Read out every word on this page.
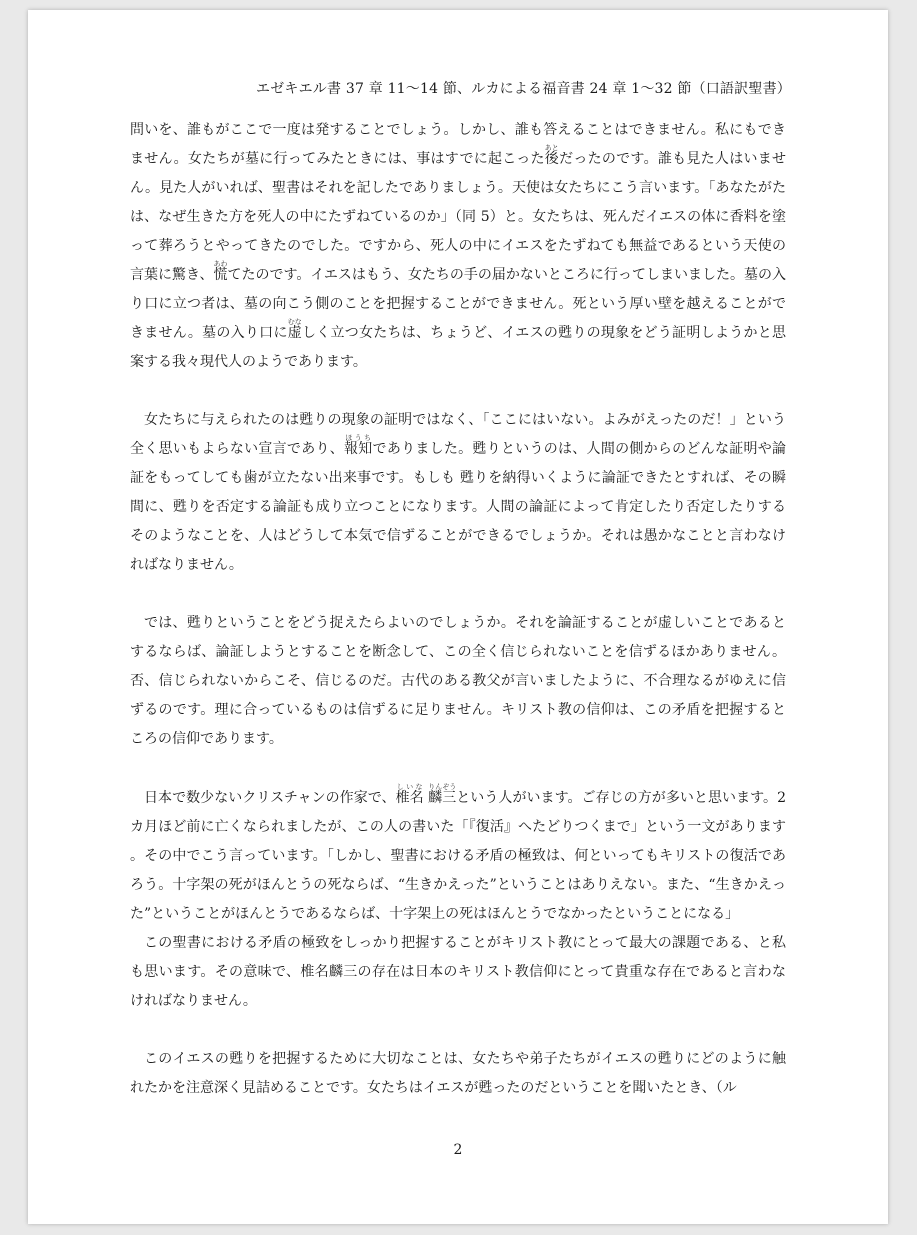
エゼキエル書 37 章 11〜14 節、ルカによる福音書 24 章 1〜32 節（口語訳聖書）

問いを、誰もがここで一度は発することでしょう。しかし、誰も答えることはできません。私にもできません。女たちが墓に行ってみたときには、事はすでに起こった後あとだったのです。誰も見た人はいません。見た人がいれば、聖書はそれを記したでありましょう。天使は女たちにこう言います。「あなたがたは、なぜ生きた方を死人の中にたずねているのか」（同 5）と。女たちは、死んだイエスの体に香料を塗って葬ろうとやってきたのでした。ですから、死人の中にイエスをたずねても無益であるという天使の言葉に驚き、慌あわてたのです。イエスはもう、女たちの手の届かないところに行ってしまいました。墓の入り口に立つ者は、墓の向こう側のことを把握することができません。死という厚い壁を越えることができません。墓の入り口に虚むなしく立つ女たちは、ちょうど、イエスの甦りの現象をどう証明しようかと思案する我々現代人のようであります。

女たちに与えられたのは甦りの現象の証明ではなく、「ここにはいない。よみがえったのだ！」という全く思いもよらない宣言であり、報知ほうちでありました。甦りというのは、人間の側からのどんな証明や論証をもってしても歯が立たない出来事です。もしも 甦りを納得いくように論証できたとすれば、その瞬間に、甦りを否定する論証も成り立つことになります。人間の論証によって肯定したり否定したりするそのようなことを、人はどうして本気で信ずることができるでしょうか。それは愚かなことと言わなければなりません。

では、甦りということをどう捉えたらよいのでしょうか。それを論証することが虚しいことであるとするならば、論証しようとすることを断念して、この全く信じられないことを信ずるほかありません。否、信じられないからこそ、信じるのだ。古代のある教父が言いましたように、不合理なるがゆえに信ずるのです。理に合っているものは信ずるに足りません。キリスト教の信仰は、この矛盾を把握するところの信仰であります。

日本で数少ないクリスチャンの作家で、椎名しいな 麟三りんぞうという人がいます。ご存じの方が多いと思います。2 カ月ほど前に亡くなられましたが、この人の書いた「『復活』へたどりつくまで」という一文があります。その中でこう言っています。「しかし、聖書における矛盾の極致は、何といってもキリストの復活であろう。十字架の死がほんとうの死ならば、“生きかえった”ということはありえない。また、“生きかえった”ということがほんとうであるならば、十字架上の死はほんとうでなかったということになる」

この聖書における矛盾の極致をしっかり把握することがキリスト教にとって最大の課題である、と私も思います。その意味で、椎名麟三の存在は日本のキリスト教信仰にとって貴重な存在であると言わなければなりません。

このイエスの甦りを把握するために大切なことは、女たちや弟子たちがイエスの甦りにどのように触れたかを注意深く見詰めることです。女たちはイエスが甦ったのだということを聞いたとき、（ル

2
